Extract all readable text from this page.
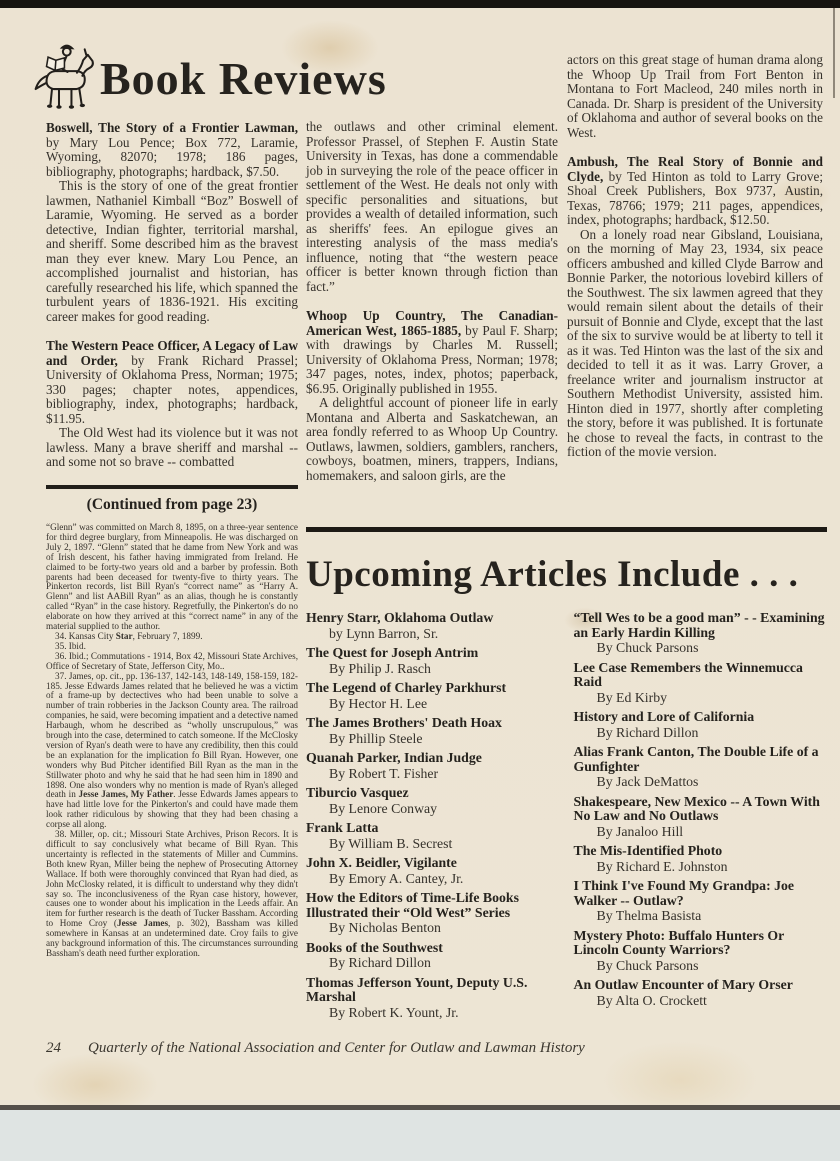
Book Reviews

Boswell, The Story of a Frontier Lawman, by Mary Lou Pence; Box 772, Laramie, Wyoming, 82070; 1978; 186 pages, bibliography, photographs; hardback, $7.50.

This is the story of one of the great frontier lawmen, Nathaniel Kimball “Boz” Boswell of Laramie, Wyoming. He served as a border detective, Indian fighter, territorial marshal, and sheriff. Some described him as the bravest man they ever knew. Mary Lou Pence, an accomplished journalist and historian, has carefully researched his life, which spanned the turbulent years of 1836-1921. His exciting career makes for good reading.

The Western Peace Officer, A Legacy of Law and Order, by Frank Richard Prassel; University of Oklahoma Press, Norman; 1975; 330 pages; chapter notes, appendices, bibliography, index, photographs; hardback, $11.95.

The Old West had its violence but it was not lawless. Many a brave sheriff and marshal -- and some not so brave -- combatted

(Continued from page 23)

“Glenn” was committed on March 8, 1895, on a three-year sentence for third degree burglary, from Minneapolis. He was discharged on July 2, 1897. “Glenn” stated that he dame from New York and was of Irish descent, his father having immigrated from Ireland. He claimed to be forty-two years old and a barber by professin. Both parents had been deceased for twenty-five to thirty years. The Pinkerton records, list Bill Ryan's “correct name” as “Harry A. Glenn” and list AABill Ryan” as an alias, though he is constantly called “Ryan” in the case history. Regretfully, the Pinkerton's do no elaborate on how they arrived at this “correct name” in any of the material supplied to the author.

34. Kansas City Star, February 7, 1899.

35. Ibid.

36. Ibid.; Commutations - 1914, Box 42, Missouri State Archives, Office of Secretary of State, Jefferson City, Mo..

37. James, op. cit., pp. 136-137, 142-143, 148-149, 158-159, 182-185. Jesse Edwards James related that he believed he was a victim of a frame-up by dectectives who had been unable to solve a number of train robberies in the Jackson County area. The railroad companies, he said, were becoming impatient and a detective named Harbaugh, whom he described as “wholly unscrupulous,” was brough into the case, determined to catch someone. If the McClosky version of Ryan's death were to have any credibility, then this could be an explanation for the implication fo Bill Ryan. However, one wonders why Bud Pitcher identified Bill Ryan as the man in the Stillwater photo and why he said that he had seen him in 1890 and 1898. One also wonders why no mention is made of Ryan's alleged death in Jesse James, My Father. Jesse Edwards James appears to have had little love for the Pinkerton's and could have made them look rather ridiculous by showing that they had been chasing a corpse all along.

38. Miller, op. cit.; Missouri State Archives, Prison Recors. It is difficult to say conclusively what became of Bill Ryan. This uncertainty is reflected in the statements of Miller and Cummins. Both knew Ryan, Miller being the nephew of Prosecuting Attorney Wallace. If both were thoroughly convinced that Ryan had died, as John McClosky related, it is difficult to understand why they didn't say so. The inconclusiveness of the Ryan case history, however, causes one to wonder about his implication in the Leeds affair. An item for further research is the death of Tucker Bassham. According to Home Croy (Jesse James, p. 302), Bassham was killed somewhere in Kansas at an undetermined date. Croy fails to give any background information of this. The circumstances surrounding Bassham's death need further exploration.

the outlaws and other criminal element. Professor Prassel, of Stephen F. Austin State University in Texas, has done a commendable job in surveying the role of the peace officer in settlement of the West. He deals not only with specific personalities and situations, but provides a wealth of detailed information, such as sheriffs' fees. An epilogue gives an interesting analysis of the mass media's influence, noting that “the western peace officer is better known through fiction than fact.”

Whoop Up Country, The Canadian-American West, 1865-1885, by Paul F. Sharp; with drawings by Charles M. Russell; University of Oklahoma Press, Norman; 1978; 347 pages, notes, index, photos; paperback, $6.95. Originally published in 1955.

A delightful account of pioneer life in early Montana and Alberta and Saskatchewan, an area fondly referred to as Whoop Up Country. Outlaws, lawmen, soldiers, gamblers, ranchers, cowboys, boatmen, miners, trappers, Indians, homemakers, and saloon girls, are the

actors on this great stage of human drama along the Whoop Up Trail from Fort Benton in Montana to Fort Macleod, 240 miles north in Canada. Dr. Sharp is president of the University of Oklahoma and author of several books on the West.

Ambush, The Real Story of Bonnie and Clyde, by Ted Hinton as told to Larry Grove; Shoal Creek Publishers, Box 9737, Austin, Texas, 78766; 1979; 211 pages, appendices, index, photographs; hardback, $12.50.

On a lonely road near Gibsland, Louisiana, on the morning of May 23, 1934, six peace officers ambushed and killed Clyde Barrow and Bonnie Parker, the notorious lovebird killers of the Southwest. The six lawmen agreed that they would remain silent about the details of their pursuit of Bonnie and Clyde, except that the last of the six to survive would be at liberty to tell it as it was. Ted Hinton was the last of the six and decided to tell it as it was. Larry Grover, a freelance writer and journalism instructor at Southern Methodist University, assisted him. Hinton died in 1977, shortly after completing the story, before it was published. It is fortunate he chose to reveal the facts, in contrast to the fiction of the movie version.

Upcoming Articles Include . . .
Henry Starr, Oklahoma Outlaw
by Lynn Barron, Sr.
The Quest for Joseph Antrim
By Philip J. Rasch
The Legend of Charley Parkhurst
By Hector H. Lee
The James Brothers' Death Hoax
By Phillip Steele
Quanah Parker, Indian Judge
By Robert T. Fisher
Tiburcio Vasquez
By Lenore Conway
Frank Latta
By William B. Secrest
John X. Beidler, Vigilante
By Emory A. Cantey, Jr.
How the Editors of Time-Life Books Illustrated their “Old West” Series
By Nicholas Benton
Books of the Southwest
By Richard Dillon
Thomas Jefferson Yount, Deputy U.S. Marshal
By Robert K. Yount, Jr.
“Tell Wes to be a good man” - - Examining an Early Hardin Killing
By Chuck Parsons
Lee Case Remembers the Winnemucca Raid
By Ed Kirby
History and Lore of California
By Richard Dillon
Alias Frank Canton, The Double Life of a Gunfighter
By Jack DeMattos
Shakespeare, New Mexico -- A Town With No Law and No Outlaws
By Janaloo Hill
The Mis-Identified Photo
By Richard E. Johnston
I Think I've Found My Grandpa: Joe Walker -- Outlaw?
By Thelma Basista
Mystery Photo: Buffalo Hunters Or Lincoln County Warriors?
By Chuck Parsons
An Outlaw Encounter of Mary Orser
By Alta O. Crockett
24 Quarterly of the National Association and Center for Outlaw and Lawman History
